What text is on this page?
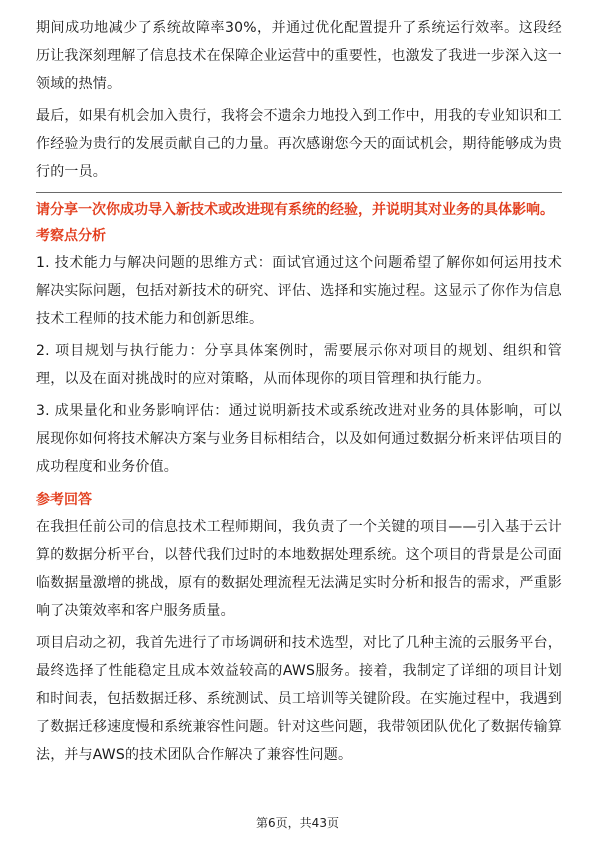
期间成功地减少了系统故障率30%，并通过优化配置提升了系统运行效率。这段经历让我深刻理解了信息技术在保障企业运营中的重要性，也激发了我进一步深入这一领域的热情。

最后，如果有机会加入贵行，我将会不遗余力地投入到工作中，用我的专业知识和工作经验为贵行的发展贡献自己的力量。再次感谢您今天的面试机会，期待能够成为贵行的一员。

请分享一次你成功导入新技术或改进现有系统的经验，并说明其对业务的具体影响。

考察点分析

1. 技术能力与解决问题的思维方式：面试官通过这个问题希望了解你如何运用技术解决实际问题，包括对新技术的研究、评估、选择和实施过程。这显示了你作为信息技术工程师的技术能力和创新思维。

2. 项目规划与执行能力：分享具体案例时，需要展示你对项目的规划、组织和管理，以及在面对挑战时的应对策略，从而体现你的项目管理和执行能力。

3. 成果量化和业务影响评估：通过说明新技术或系统改进对业务的具体影响，可以展现你如何将技术解决方案与业务目标相结合，以及如何通过数据分析来评估项目的成功程度和业务价值。

参考回答

在我担任前公司的信息技术工程师期间，我负责了一个关键的项目——引入基于云计算的数据分析平台，以替代我们过时的本地数据处理系统。这个项目的背景是公司面临数据量激增的挑战，原有的数据处理流程无法满足实时分析和报告的需求，严重影响了决策效率和客户服务质量。

项目启动之初，我首先进行了市场调研和技术选型，对比了几种主流的云服务平台，最终选择了性能稳定且成本效益较高的AWS服务。接着，我制定了详细的项目计划和时间表，包括数据迁移、系统测试、员工培训等关键阶段。在实施过程中，我遇到了数据迁移速度慢和系统兼容性问题。针对这些问题，我带领团队优化了数据传输算法，并与AWS的技术团队合作解决了兼容性问题。

第6页，共43页
